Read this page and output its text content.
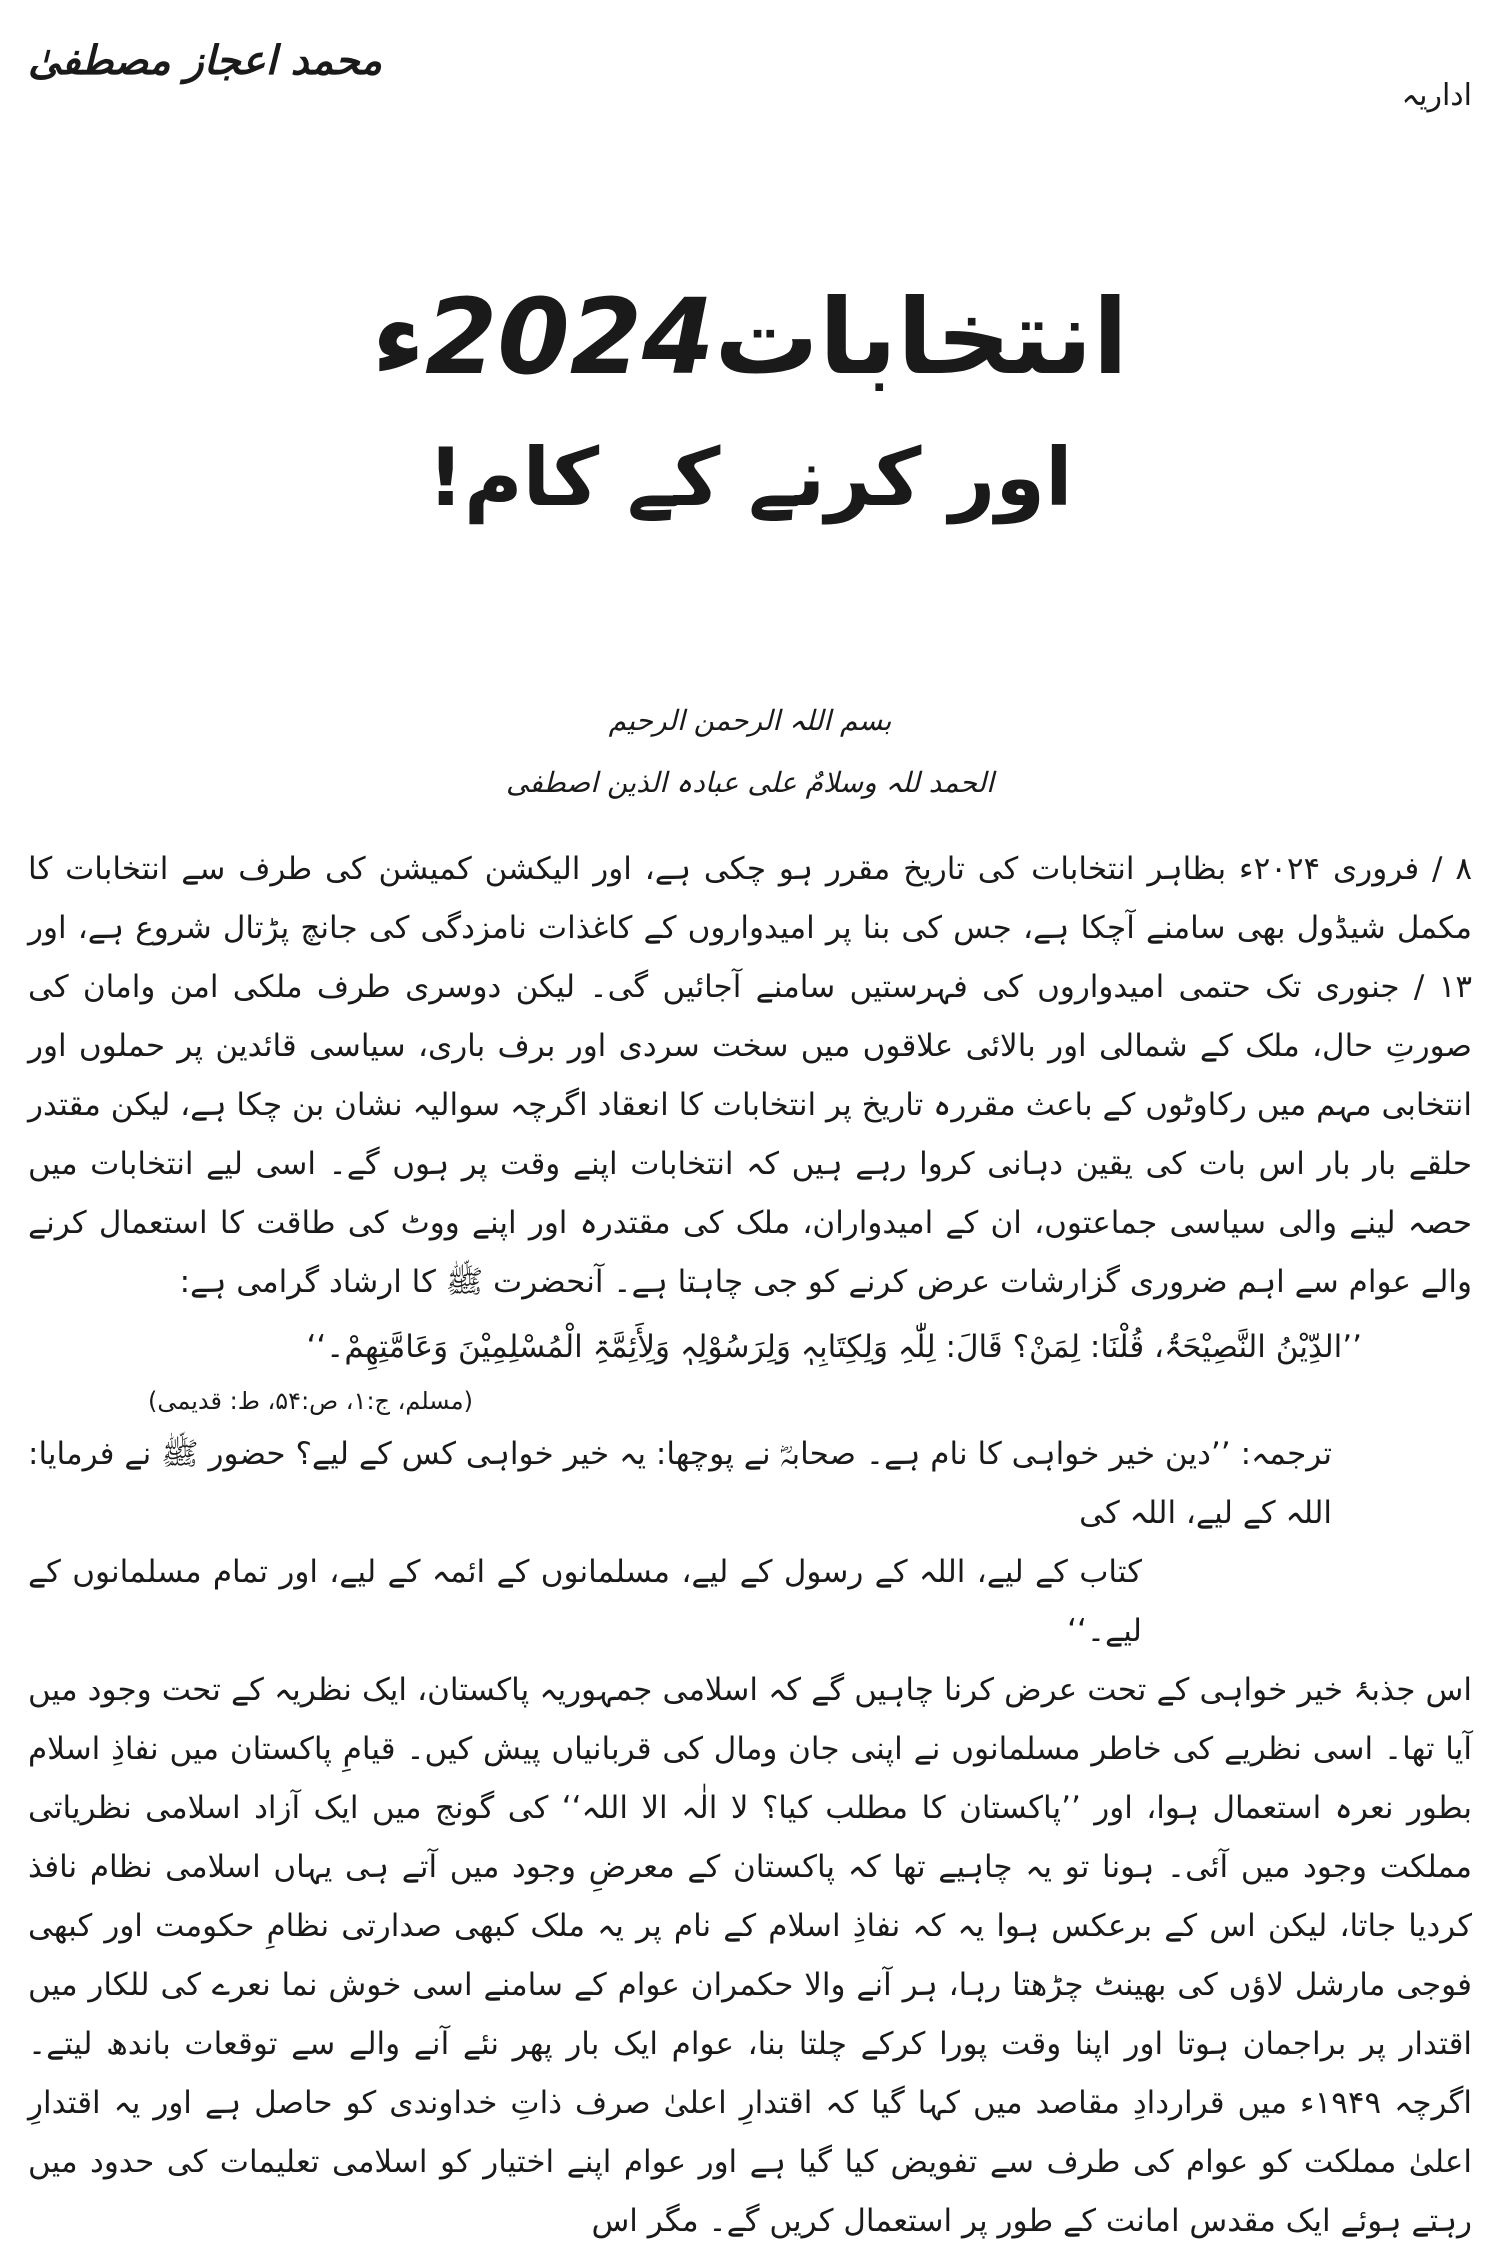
محمد اعجاز مصطفیٰ
اداریہ
انتخابات2024ء
اور کرنے کے کام!
بسم اللہ الرحمن الرحیم
الحمد للہ وسلامٌ علی عبادہ الذین اصطفی

۸ / فروری ۲۰۲۴ء بظاہر انتخابات کی تاریخ مقرر ہو چکی ہے، اور الیکشن کمیشن کی طرف سے انتخابات کا مکمل شیڈول بھی سامنے آچکا ہے، جس کی بنا پر امیدواروں کے کاغذات نامزدگی کی جانچ پڑتال شروع ہے، اور ۱۳ / جنوری تک حتمی امیدواروں کی فہرستیں سامنے آجائیں گی۔ لیکن دوسری طرف ملکی امن وامان کی صورتِ حال، ملک کے شمالی اور بالائی علاقوں میں سخت سردی اور برف باری، سیاسی قائدین پر حملوں اور انتخابی مہم میں رکاوٹوں کے باعث مقررہ تاریخ پر انتخابات کا انعقاد اگرچہ سوالیہ نشان بن چکا ہے، لیکن مقتدر حلقے بار بار اس بات کی یقین دہانی کروا رہے ہیں کہ انتخابات اپنے وقت پر ہوں گے۔ اسی لیے انتخابات میں حصہ لینے والی سیاسی جماعتوں، ان کے امیدواران، ملک کی مقتدرہ اور اپنے ووٹ کی طاقت کا استعمال کرنے والے عوام سے اہم ضروری گزارشات عرض کرنے کو جی چاہتا ہے۔ آنحضرت ﷺ کا ارشاد گرامی ہے:

’’الدِّیْنُ النَّصِیْحَۃُ، قُلْنَا: لِمَنْ؟ قَالَ: لِلّٰہِ وَلِکِتَابِہٖ وَلِرَسُوْلِہٖ وَلِأَئِمَّۃِ الْمُسْلِمِیْنَ وَعَامَّتِھِمْ۔‘‘
(مسلم، ج:۱، ص:۵۴، ط: قدیمی)
ترجمہ: ’’دین خیر خواہی کا نام ہے۔ صحابہؓ نے پوچھا: یہ خیر خواہی کس کے لیے؟ حضور ﷺ نے فرمایا: اللہ کے لیے، اللہ کی
کتاب کے لیے، اللہ کے رسول کے لیے، مسلمانوں کے ائمہ کے لیے، اور تمام مسلمانوں کے لیے۔‘‘

اس جذبۂ خیر خواہی کے تحت عرض کرنا چاہیں گے کہ اسلامی جمہوریہ پاکستان، ایک نظریہ کے تحت وجود میں آیا تھا۔ اسی نظریے کی خاطر مسلمانوں نے اپنی جان ومال کی قربانیاں پیش کیں۔ قیامِ پاکستان میں نفاذِ اسلام بطور نعرہ استعمال ہوا، اور ’’پاکستان کا مطلب کیا؟ لا الٰہ الا اللہ‘‘ کی گونج میں ایک آزاد اسلامی نظریاتی مملکت وجود میں آئی۔ ہونا تو یہ چاہیے تھا کہ پاکستان کے معرضِ وجود میں آتے ہی یہاں اسلامی نظام نافذ کردیا جاتا، لیکن اس کے برعکس ہوا یہ کہ نفاذِ اسلام کے نام پر یہ ملک کبھی صدارتی نظامِ حکومت اور کبھی فوجی مارشل لاؤں کی بھینٹ چڑھتا رہا، ہر آنے والا حکمران عوام کے سامنے اسی خوش نما نعرے کی للکار میں اقتدار پر براجمان ہوتا اور اپنا وقت پورا کرکے چلتا بنا، عوام ایک بار پھر نئے آنے والے سے توقعات باندھ لیتے۔ اگرچہ ۱۹۴۹ء میں قراردادِ مقاصد میں کہا گیا کہ اقتدارِ اعلیٰ صرف ذاتِ خداوندی کو حاصل ہے اور یہ اقتدارِ اعلیٰ مملکت کو عوام کی طرف سے تفویض کیا گیا ہے اور عوام اپنے اختیار کو اسلامی تعلیمات کی حدود میں رہتے ہوئے ایک مقدس امانت کے طور پر استعمال کریں گے۔ مگر اس
